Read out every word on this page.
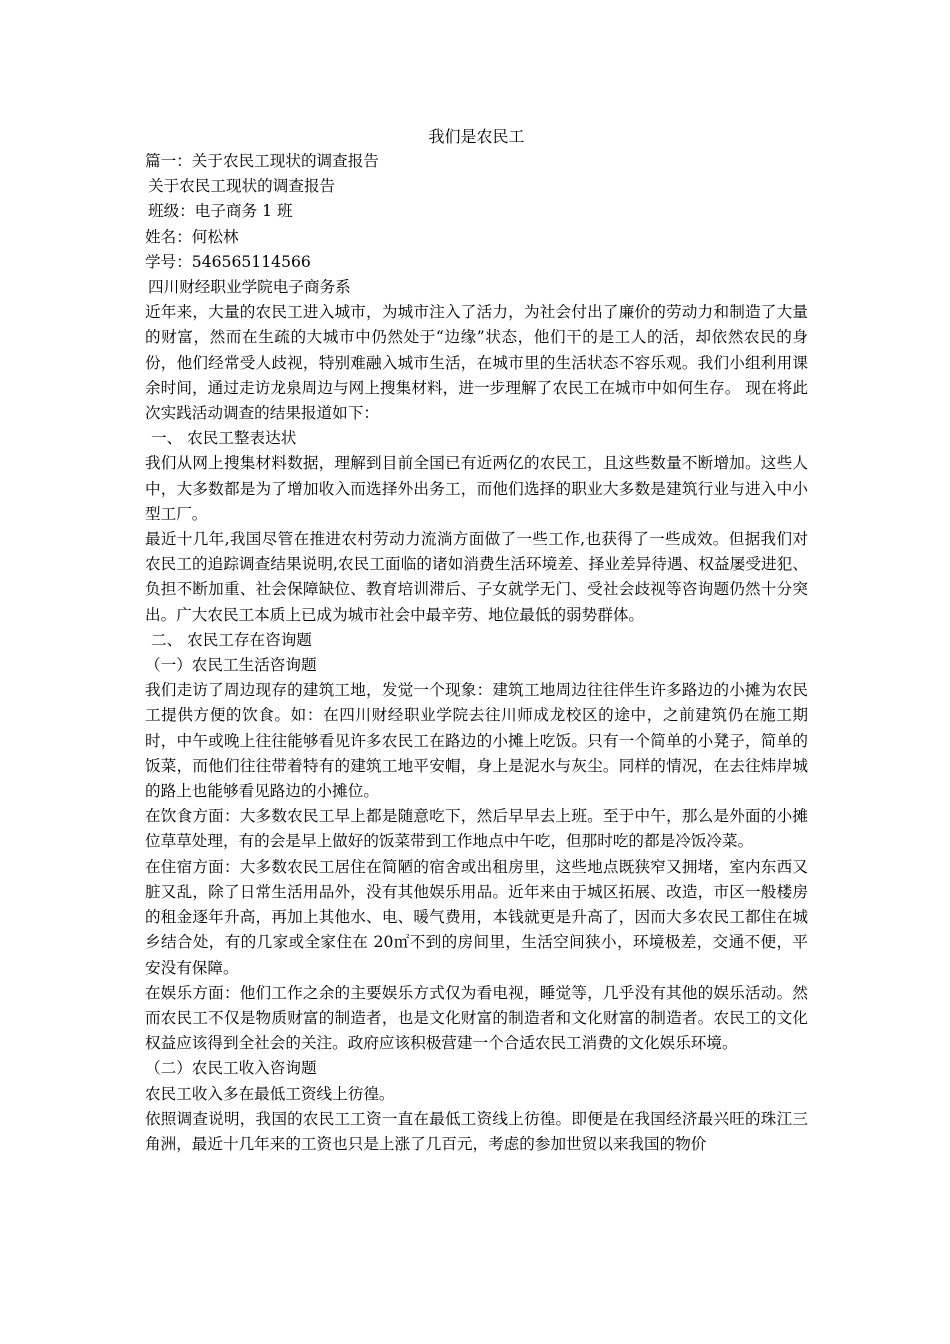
我们是农民工

篇一：关于农民工现状的调查报告

关于农民工现状的调查报告

班级：电子商务 1 班

姓名：何松林

学号：546565114566

四川财经职业学院电子商务系

近年来，大量的农民工进入城市，为城市注入了活力，为社会付出了廉价的劳动力和制造了大量的财富，然而在生疏的大城市中仍然处于“边缘”状态，他们干的是工人的活，却依然农民的身份，他们经常受人歧视，特别难融入城市生活，在城市里的生活状态不容乐观。我们小组利用课余时间，通过走访龙泉周边与网上搜集材料，进一步理解了农民工在城市中如何生存。 现在将此次实践活动调查的结果报道如下：

一、 农民工整表达状

我们从网上搜集材料数据，理解到目前全国已有近两亿的农民工，且这些数量不断增加。这些人中，大多数都是为了增加收入而选择外出务工，而他们选择的职业大多数是建筑行业与进入中小型工厂。

最近十几年,我国尽管在推进农村劳动力流淌方面做了一些工作,也获得了一些成效。但据我们对农民工的追踪调查结果说明,农民工面临的诸如消费生活环境差、择业差异待遇、权益屡受进犯、负担不断加重、社会保障缺位、教育培训滞后、子女就学无门、受社会歧视等咨询题仍然十分突出。广大农民工本质上已成为城市社会中最辛劳、地位最低的弱势群体。

二、 农民工存在咨询题

（一）农民工生活咨询题

我们走访了周边现存的建筑工地，发觉一个现象：建筑工地周边往往伴生许多路边的小摊为农民工提供方便的饮食。如：在四川财经职业学院去往川师成龙校区的途中，之前建筑仍在施工期时，中午或晚上往往能够看见许多农民工在路边的小摊上吃饭。只有一个简单的小凳子，简单的饭菜，而他们往往带着特有的建筑工地平安帽，身上是泥水与灰尘。同样的情况，在去往炜岸城的路上也能够看见路边的小摊位。

在饮食方面：大多数农民工早上都是随意吃下，然后早早去上班。至于中午，那么是外面的小摊位草草处理，有的会是早上做好的饭菜带到工作地点中午吃，但那时吃的都是冷饭冷菜。

在住宿方面：大多数农民工居住在简陋的宿舍或出租房里，这些地点既狭窄又拥堵，室内东西又脏又乱，除了日常生活用品外，没有其他娱乐用品。近年来由于城区拓展、改造，市区一般楼房的租金逐年升高，再加上其他水、电、暖气费用，本钱就更是升高了，因而大多农民工都住在城乡结合处，有的几家或全家住在 20㎡不到的房间里，生活空间狭小，环境极差，交通不便，平安没有保障。

在娱乐方面：他们工作之余的主要娱乐方式仅为看电视，睡觉等，几乎没有其他的娱乐活动。然而农民工不仅是物质财富的制造者，也是文化财富的制造者和文化财富的制造者。农民工的文化权益应该得到全社会的关注。政府应该积极营建一个合适农民工消费的文化娱乐环境。

（二）农民工收入咨询题

农民工收入多在最低工资线上彷徨。

依照调查说明，我国的农民工工资一直在最低工资线上彷徨。即便是在我国经济最兴旺的珠江三角洲，最近十几年来的工资也只是上涨了几百元，考虑的参加世贸以来我国的物价
